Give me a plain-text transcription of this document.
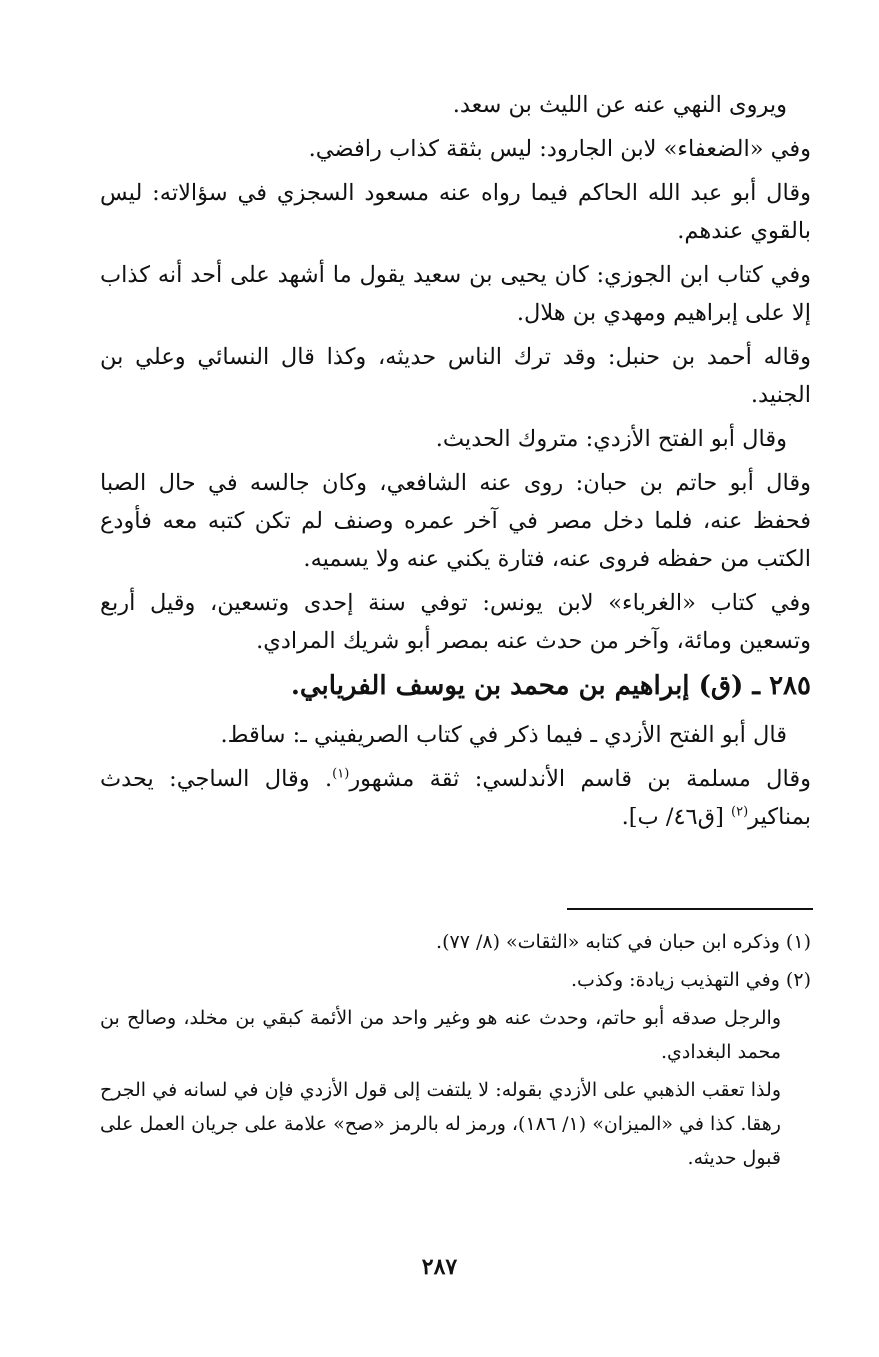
ويروى النهي عنه عن الليث بن سعد.

وفي «الضعفاء» لابن الجارود: ليس بثقة كذاب رافضي.

وقال أبو عبد الله الحاكم فيما رواه عنه مسعود السجزي في سؤالاته: ليس بالقوي عندهم.

وفي كتاب ابن الجوزي: كان يحيى بن سعيد يقول ما أشهد على أحد أنه كذاب إلا على إبراهيم ومهدي بن هلال.

وقاله أحمد بن حنبل: وقد ترك الناس حديثه، وكذا قال النسائي وعلي بن الجنيد.

وقال أبو الفتح الأزدي: متروك الحديث.

وقال أبو حاتم بن حبان: روى عنه الشافعي، وكان جالسه في حال الصبا فحفظ عنه، فلما دخل مصر في آخر عمره وصنف لم تكن كتبه معه فأودع الكتب من حفظه فروى عنه، فتارة يكني عنه ولا يسميه.

وفي كتاب «الغرباء» لابن يونس: توفي سنة إحدى وتسعين، وقيل أربع وتسعين ومائة، وآخر من حدث عنه بمصر أبو شريك المرادي.

٢٨٥ ـ (ق) إبراهيم بن محمد بن يوسف الفريابي.

قال أبو الفتح الأزدي ـ فيما ذكر في كتاب الصريفيني ـ: ساقط.

وقال مسلمة بن قاسم الأندلسي: ثقة مشهور$^{(١)}$. وقال الساجي: يحدث بمناكير$^{(٢)}$ [ق٤٦/ ب].

(١) وذكره ابن حبان في كتابه «الثقات» (٨/ ٧٧).

(٢) وفي التهذيب زيادة: وكذب.

والرجل صدقه أبو حاتم، وحدث عنه هو وغير واحد من الأئمة كبقي بن مخلد، وصالح بن محمد البغدادي.

ولذا تعقب الذهبي على الأزدي بقوله: لا يلتفت إلى قول الأزدي فإن في لسانه في الجرح رهقا. كذا في «الميزان» (١/ ١٨٦)، ورمز له بالرمز «صح» علامة على جريان العمل على قبول حديثه.

٢٨٧
